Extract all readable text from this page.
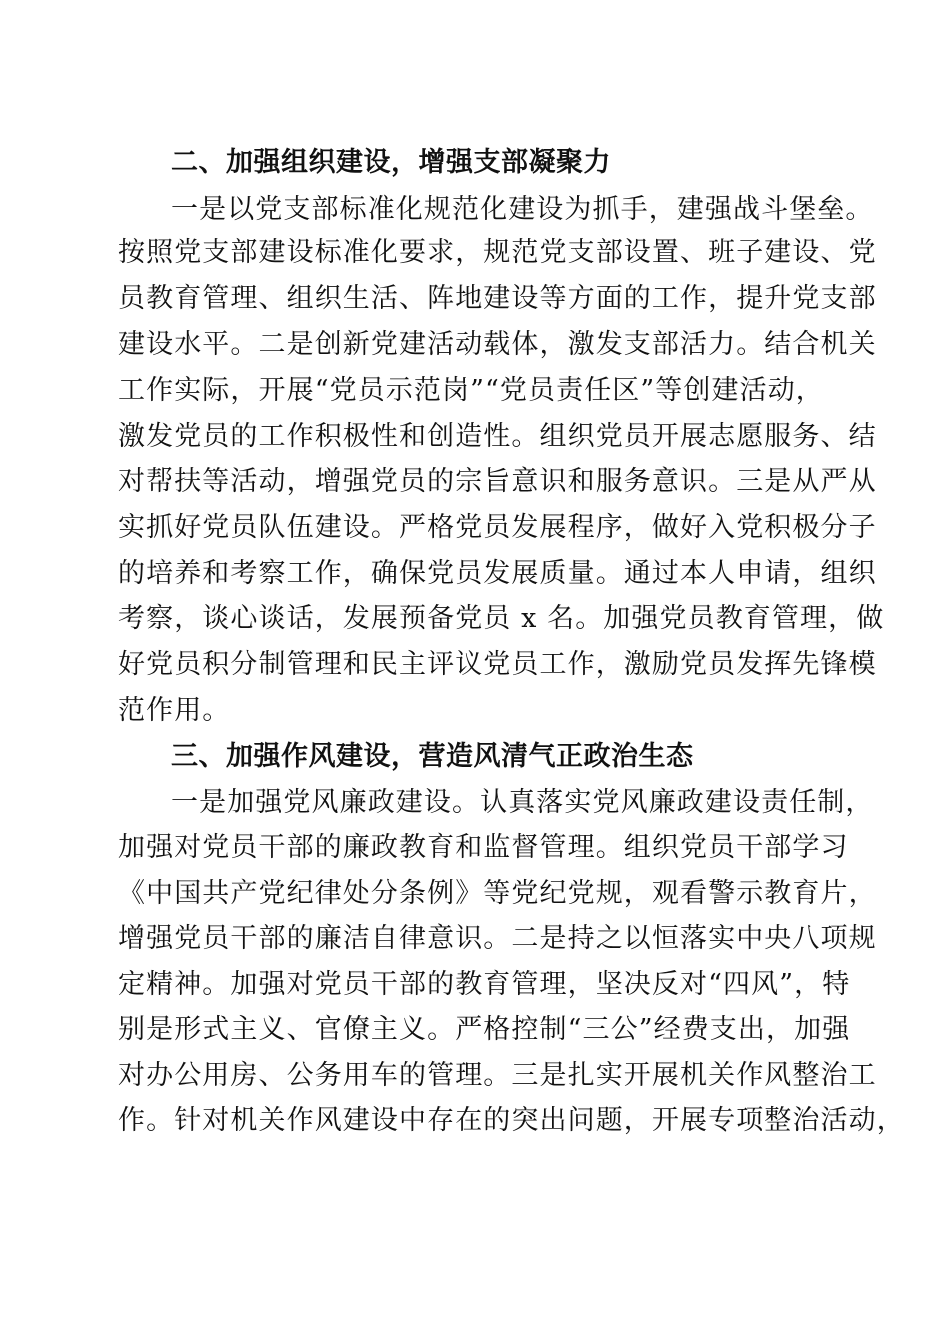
二、加强组织建设，增强支部凝聚力
一是以党支部标准化规范化建设为抓手，建强战斗堡垒。
按照党支部建设标准化要求，规范党支部设置、班子建设、党
员教育管理、组织生活、阵地建设等方面的工作，提升党支部
建设水平。二是创新党建活动载体，激发支部活力。结合机关
工作实际，开展“党员示范岗”“党员责任区”等创建活动，
激发党员的工作积极性和创造性。组织党员开展志愿服务、结
对帮扶等活动，增强党员的宗旨意识和服务意识。三是从严从
实抓好党员队伍建设。严格党员发展程序，做好入党积极分子
的培养和考察工作，确保党员发展质量。通过本人申请，组织
考察，谈心谈话，发展预备党员 x 名。加强党员教育管理，做
好党员积分制管理和民主评议党员工作，激励党员发挥先锋模
范作用。
三、加强作风建设，营造风清气正政治生态
一是加强党风廉政建设。认真落实党风廉政建设责任制，
加强对党员干部的廉政教育和监督管理。组织党员干部学习
《中国共产党纪律处分条例》等党纪党规，观看警示教育片，
增强党员干部的廉洁自律意识。二是持之以恒落实中央八项规
定精神。加强对党员干部的教育管理，坚决反对“四风”，特
别是形式主义、官僚主义。严格控制“三公”经费支出，加强
对办公用房、公务用车的管理。三是扎实开展机关作风整治工
作。针对机关作风建设中存在的突出问题，开展专项整治活动，
